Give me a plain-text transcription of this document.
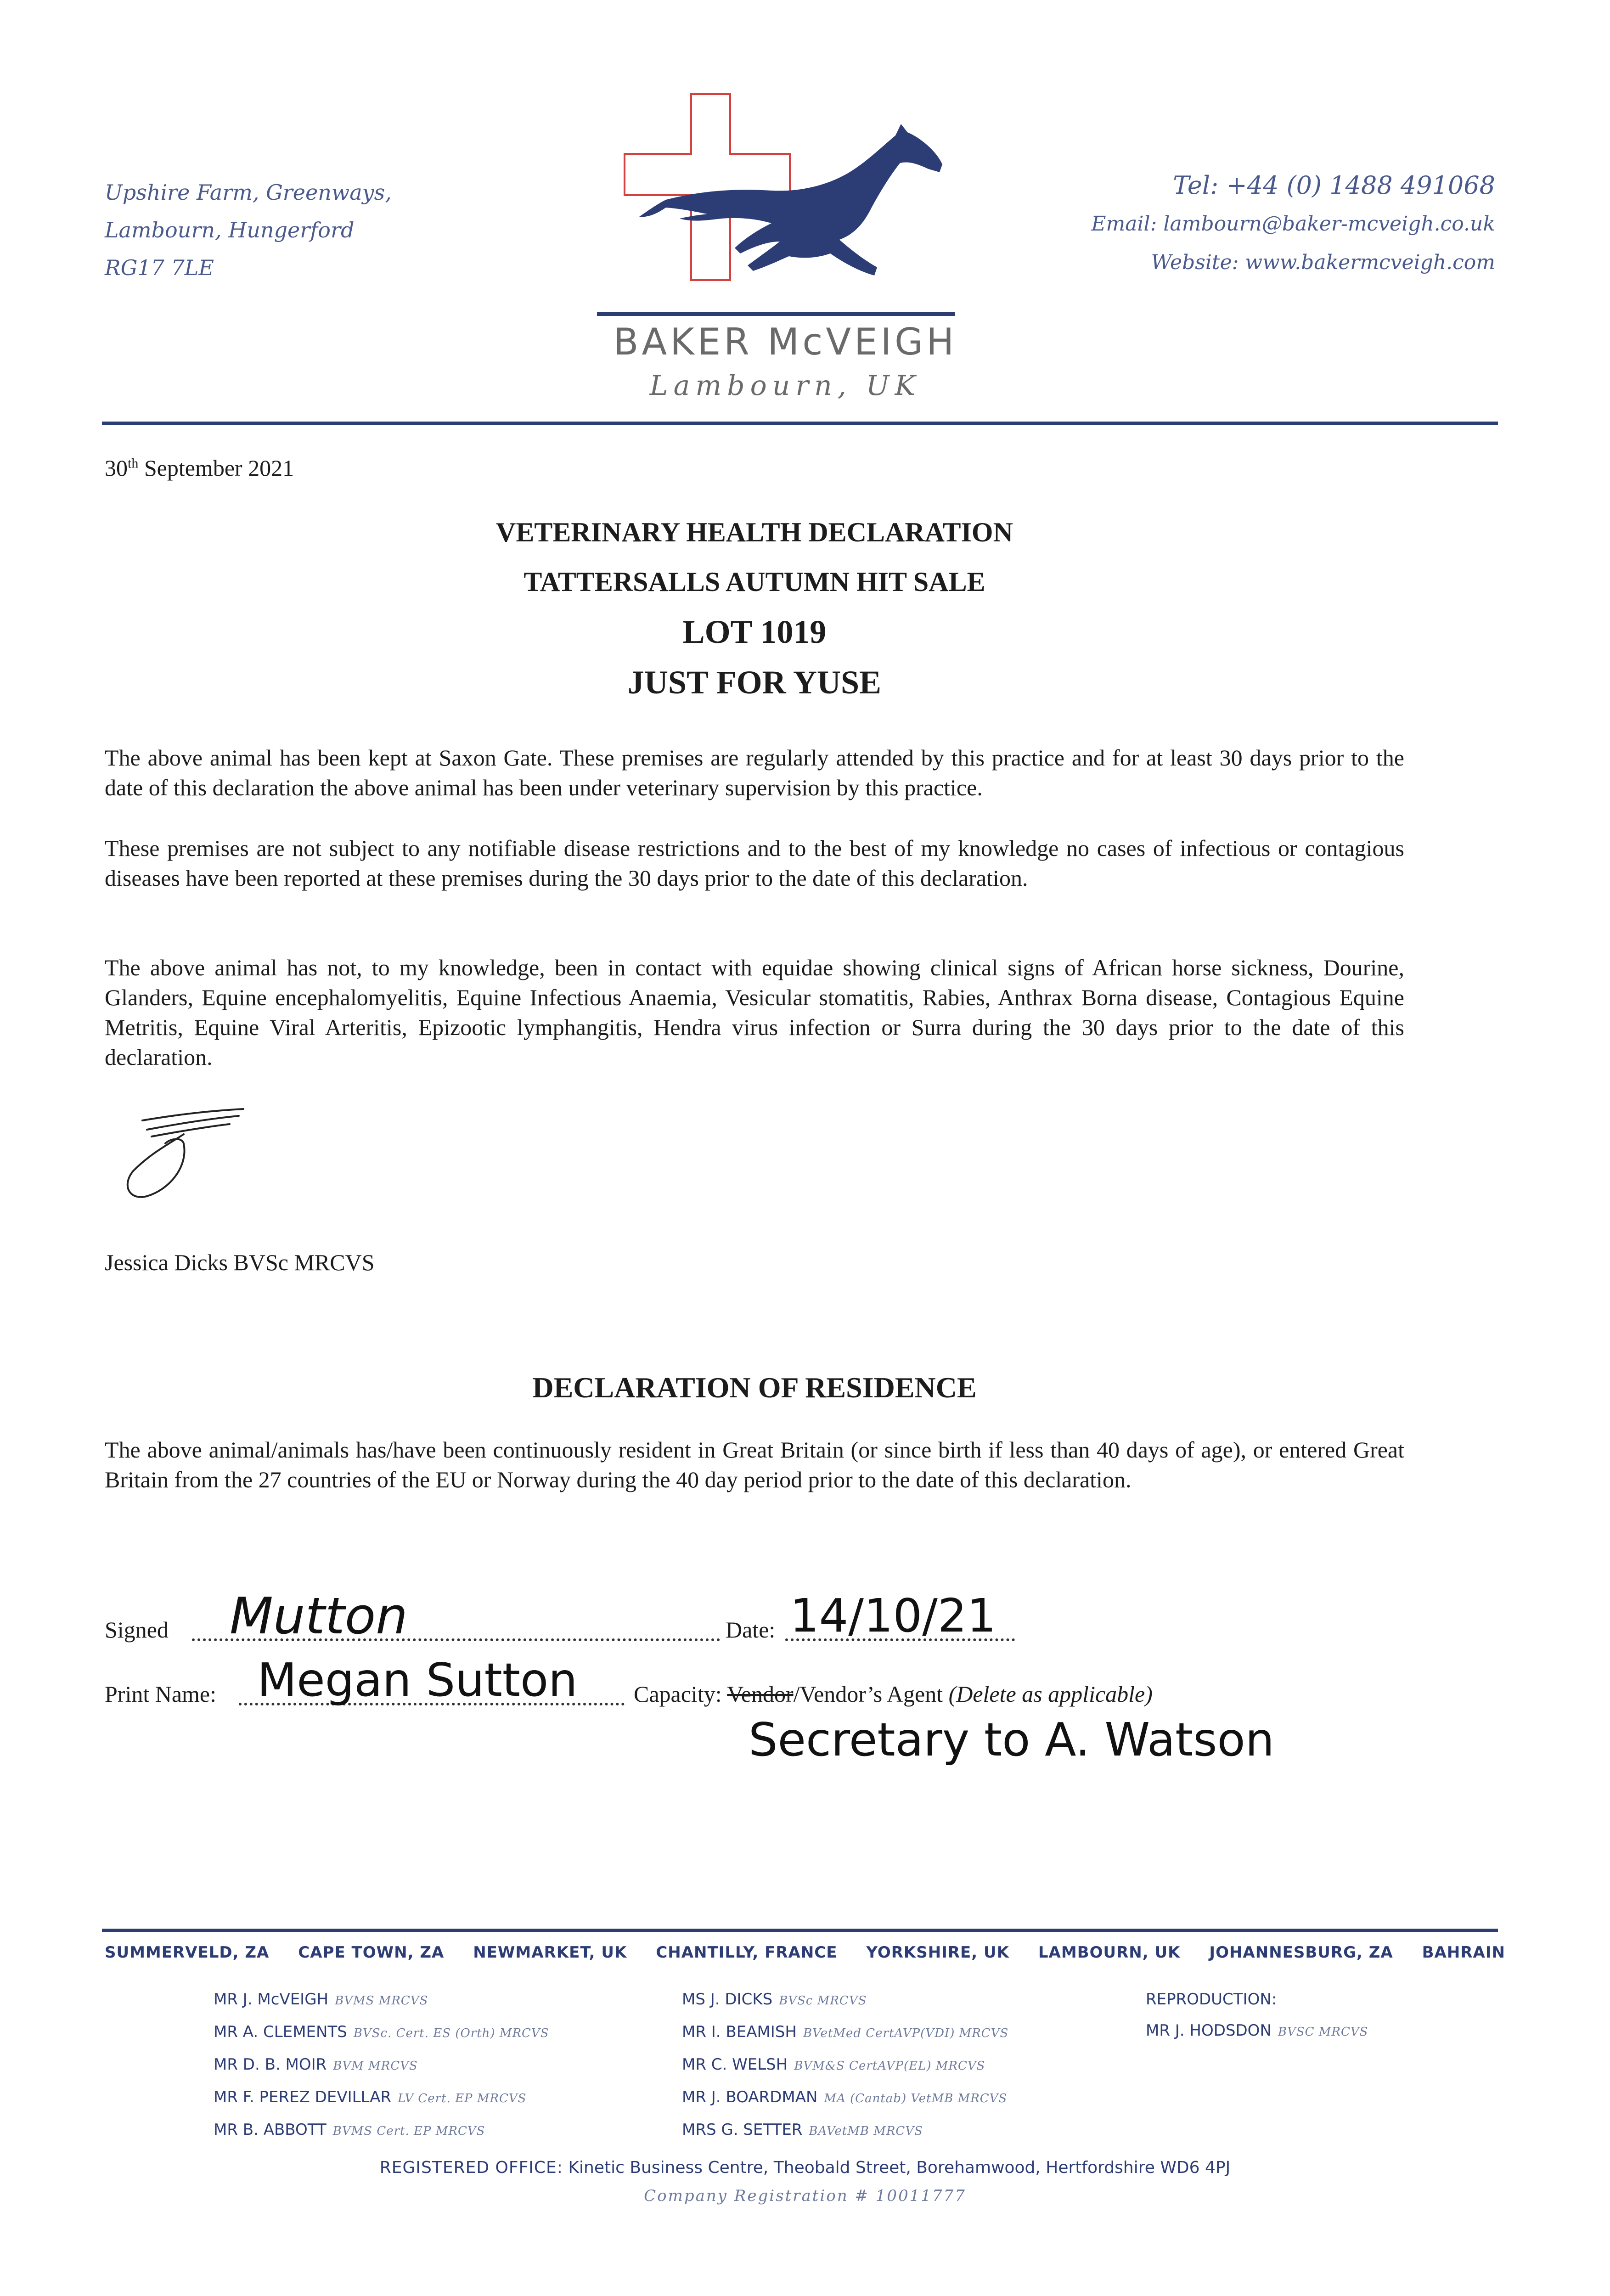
Upshire Farm, Greenways,
Lambourn, Hungerford
RG17 7LE
BAKER McVEIGH
Lambourn, UK
Tel: +44 (0) 1488 491068
Email: lambourn@baker-mcveigh.co.uk
Website: www.bakermcveigh.com
30th September 2021
VETERINARY HEALTH DECLARATION
TATTERSALLS AUTUMN HIT SALE
LOT 1019
JUST FOR YUSE

The above animal has been kept at Saxon Gate. These premises are regularly attended by this practice and for at least 30 days prior to the date of this declaration the above animal has been under veterinary supervision by this practice.

These premises are not subject to any notifiable disease restrictions and to the best of my knowledge no cases of infectious or contagious diseases have been reported at these premises during the 30 days prior to the date of this declaration.

The above animal has not, to my knowledge, been in contact with equidae showing clinical signs of African horse sickness, Dourine, Glanders, Equine encephalomyelitis, Equine Infectious Anaemia, Vesicular stomatitis, Rabies, Anthrax Borna disease, Contagious Equine Metritis, Equine Viral Arteritis, Epizootic lymphangitis, Hendra virus infection or Surra during the 30 days prior to the date of this declaration.

Jessica Dicks BVSc MRCVS
DECLARATION OF RESIDENCE

The above animal/animals has/have been continuously resident in Great Britain (or since birth if less than 40 days of age), or entered Great Britain from the 27 countries of the EU or Norway during the 40 day period prior to the date of this declaration.

Signed Mutton	Date: 14/10/21
Print Name: Megan Sutton Capacity: Vendor/Vendor’s Agent (Delete as applicable)
Secretary to A. Watson
SUMMERVELD, ZA CAPE TOWN, ZA NEWMARKET, UK CHANTILLY, FRANCE YORKSHIRE, UK LAMBOURN, UK JOHANNESBURG, ZA BAHRAIN
MR J. McVEIGH BVMS MRCVS
MR A. CLEMENTS BVSc. Cert. ES (Orth) MRCVS
MR D. B. MOIR BVM MRCVS
MR F. PEREZ DEVILLAR LV Cert. EP MRCVS
MR B. ABBOTT BVMS Cert. EP MRCVS
MS J. DICKS BVSc MRCVS
MR I. BEAMISH BVetMed CertAVP(VDI) MRCVS
MR C. WELSH BVM&S CertAVP(EL) MRCVS
MR J. BOARDMAN MA (Cantab) VetMB MRCVS
MRS G. SETTER BAVetMB MRCVS
REPRODUCTION:
MR J. HODSDON BVSC MRCVS
REGISTERED OFFICE: Kinetic Business Centre, Theobald Street, Borehamwood, Hertfordshire WD6 4PJ
Company Registration # 10011777
